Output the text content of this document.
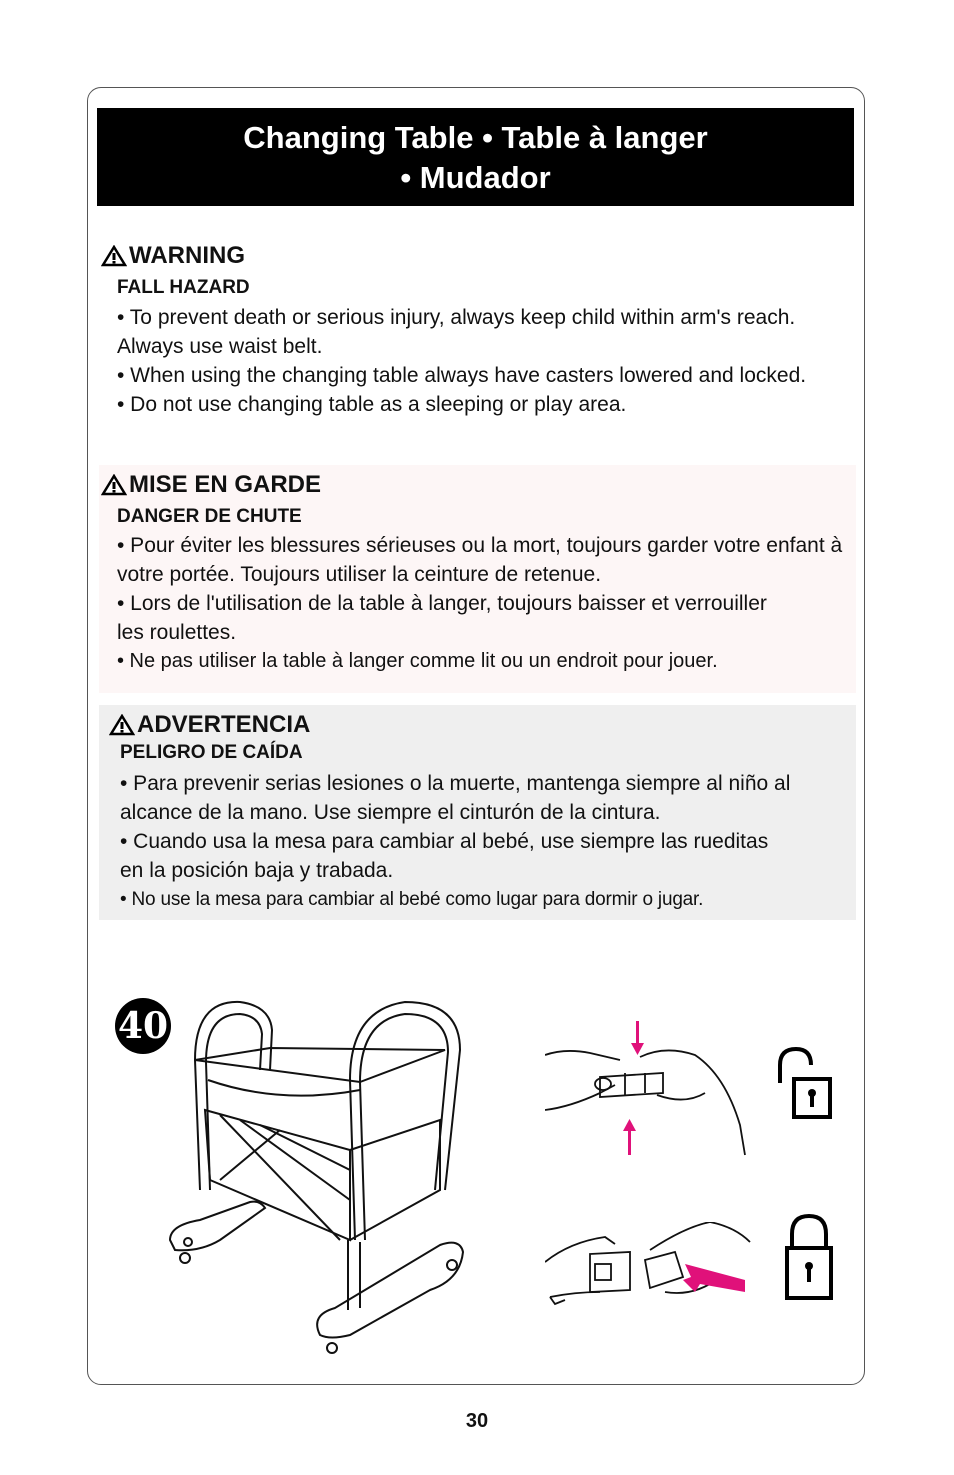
Changing Table • Table à langer
• Mudador
WARNING
FALL HAZARD

• To prevent death or serious injury, always keep child within arm's reach. Always use waist belt.

• When using the changing table always have casters lowered and locked.

• Do not use changing table as a sleeping or play area.

MISE EN GARDE
DANGER DE CHUTE

• Pour éviter les blessures sérieuses ou la mort, toujours garder votre enfant à votre portée. Toujours utiliser la ceinture de retenue.

• Lors de l'utilisation de la table à langer, toujours baisser et verrouiller les roulettes.

• Ne pas utiliser la table à langer comme lit ou un endroit pour jouer.

ADVERTENCIA
PELIGRO DE CAÍDA

• Para prevenir serias lesiones o la muerte, mantenga siempre al niño al alcance de la mano. Use siempre el cinturón de la cintura.

• Cuando usa la mesa para cambiar al bebé, use siempre las rueditas en la posición baja y trabada.

• No use la mesa para cambiar al bebé como lugar para dormir o jugar.

40
30
